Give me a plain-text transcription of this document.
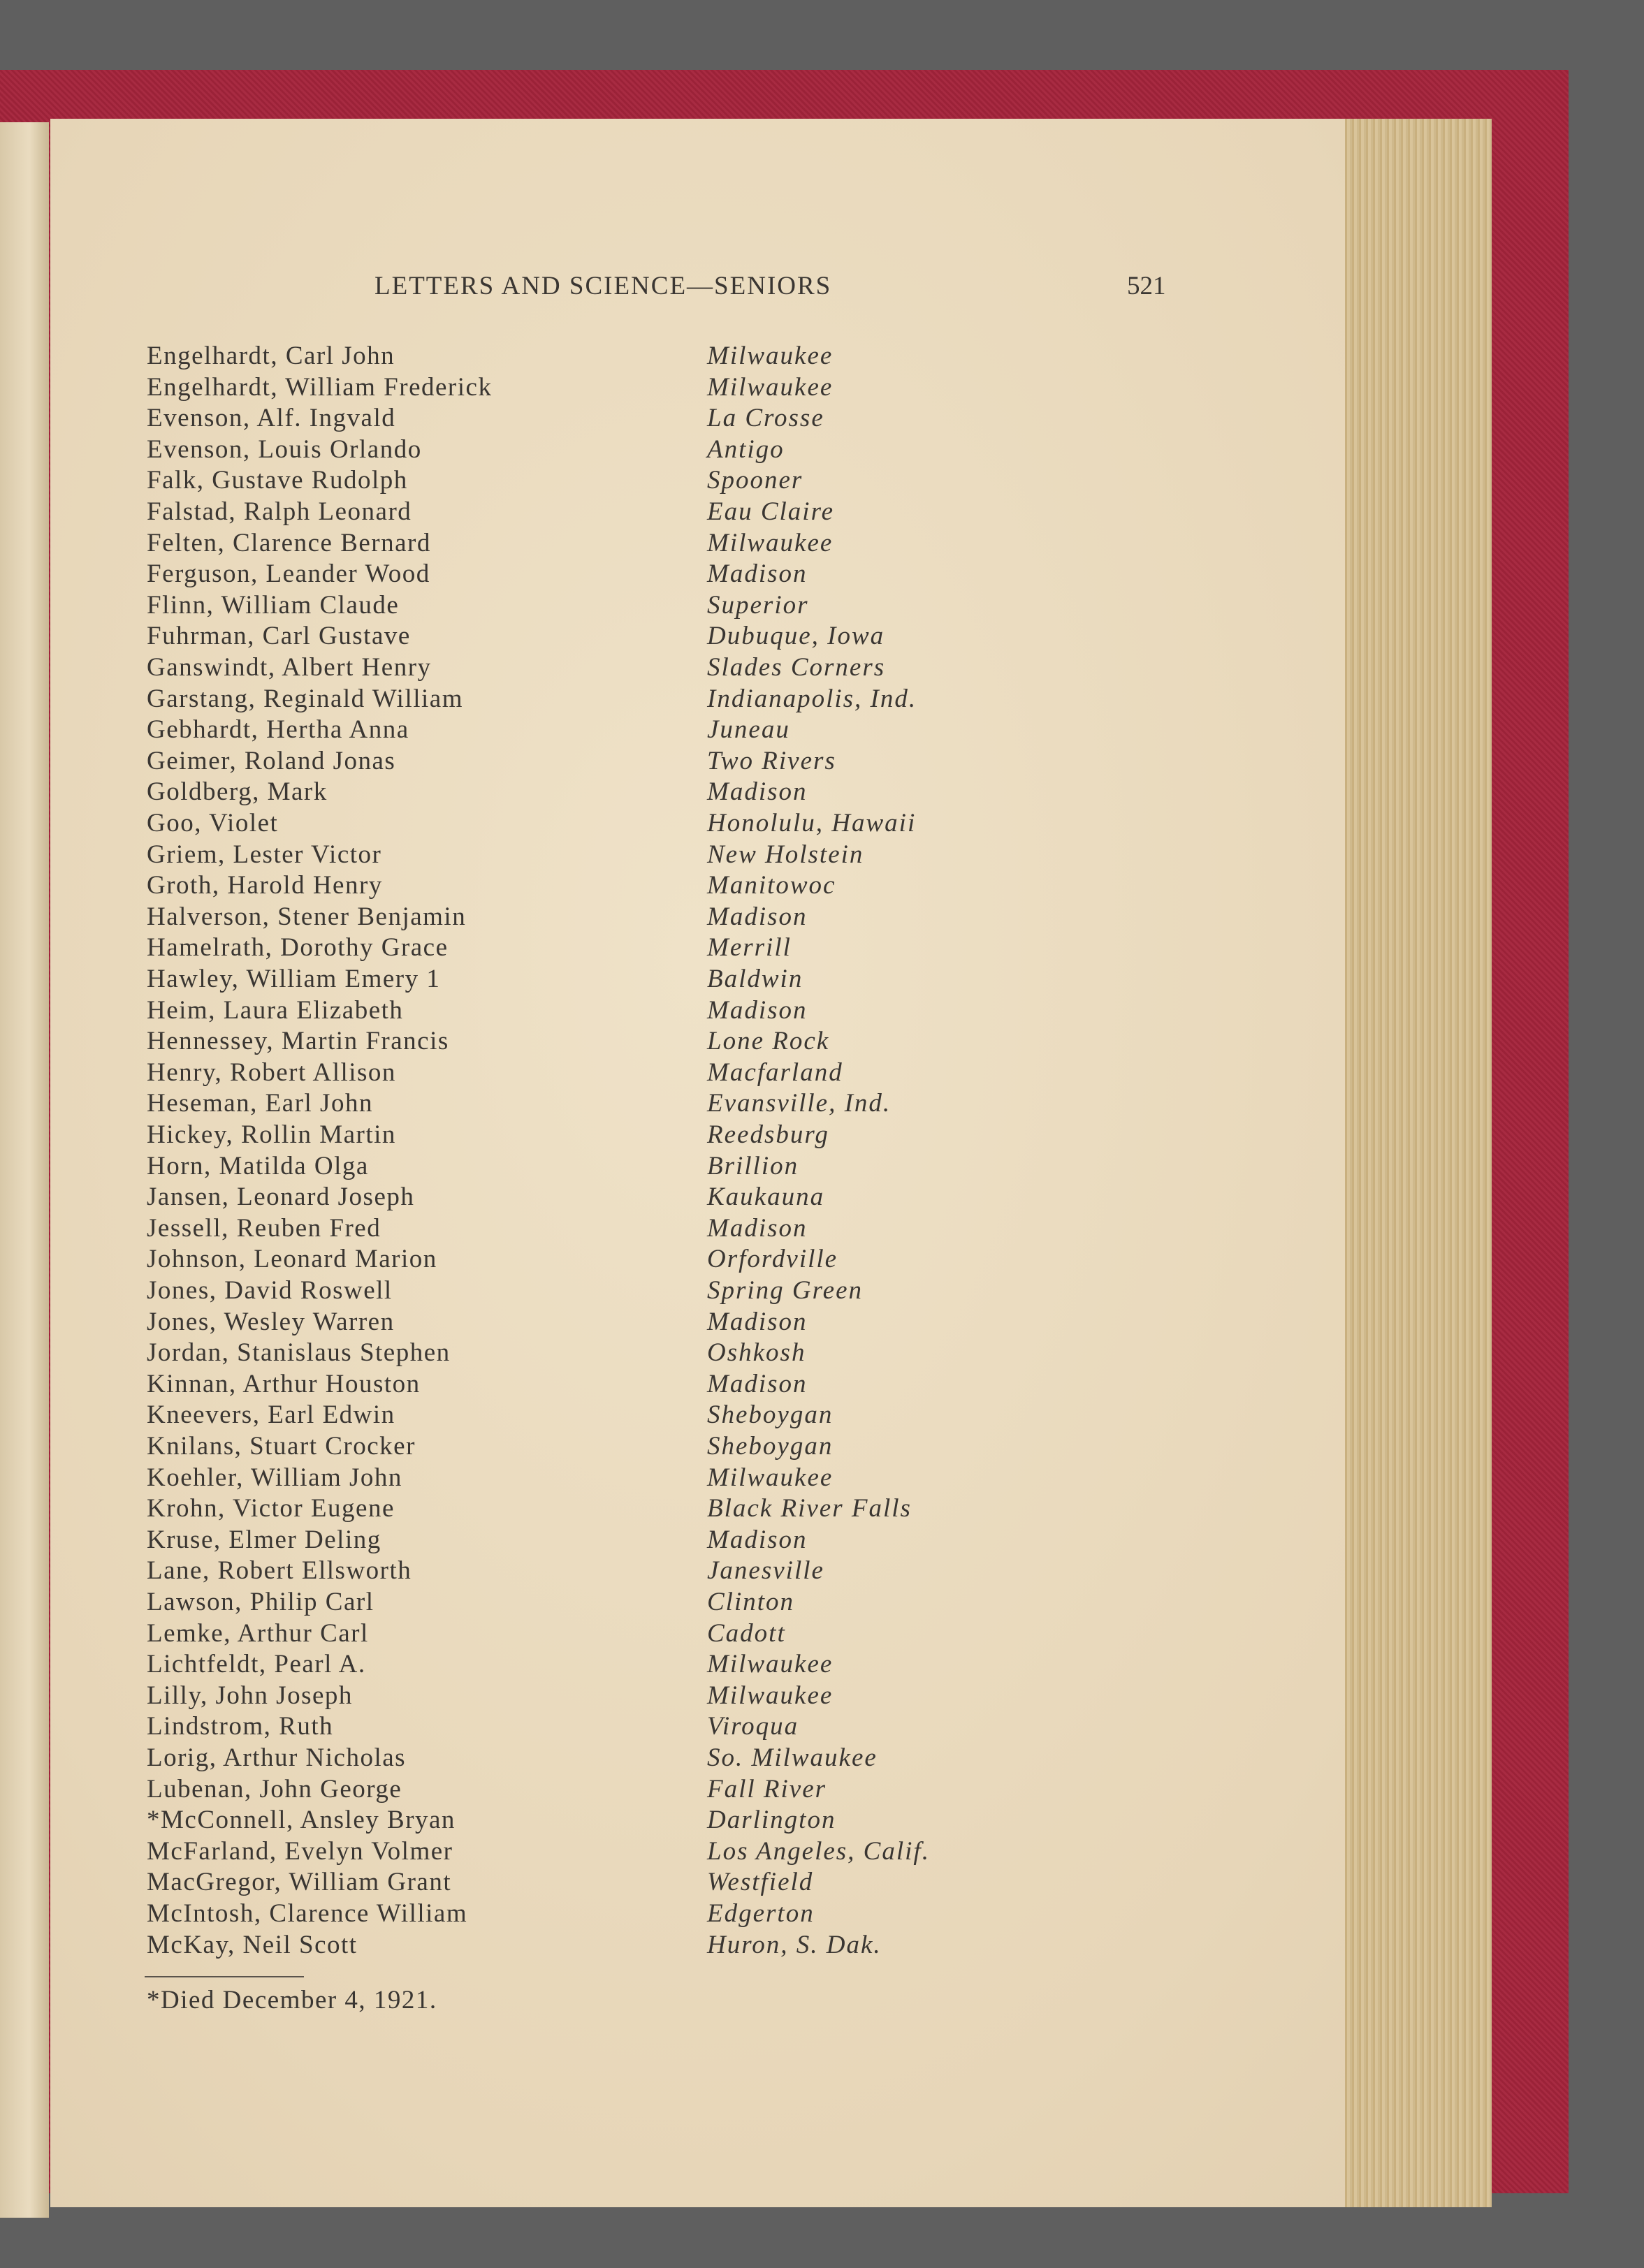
LETTERS AND SCIENCE—SENIORS	521
Engelhardt, Carl John	Milwaukee
Engelhardt, William Frederick	Milwaukee
Evenson, Alf. Ingvald	La Crosse
Evenson, Louis Orlando	Antigo
Falk, Gustave Rudolph	Spooner
Falstad, Ralph Leonard	Eau Claire
Felten, Clarence Bernard	Milwaukee
Ferguson, Leander Wood	Madison
Flinn, William Claude	Superior
Fuhrman, Carl Gustave	Dubuque, Iowa
Ganswindt, Albert Henry	Slades Corners
Garstang, Reginald William	Indianapolis, Ind.
Gebhardt, Hertha Anna	Juneau
Geimer, Roland Jonas	Two Rivers
Goldberg, Mark	Madison
Goo, Violet	Honolulu, Hawaii
Griem, Lester Victor	New Holstein
Groth, Harold Henry	Manitowoc
Halverson, Stener Benjamin	Madison
Hamelrath, Dorothy Grace	Merrill
Hawley, William Emery 1	Baldwin
Heim, Laura Elizabeth	Madison
Hennessey, Martin Francis	Lone Rock
Henry, Robert Allison	Macfarland
Heseman, Earl John	Evansville, Ind.
Hickey, Rollin Martin	Reedsburg
Horn, Matilda Olga	Brillion
Jansen, Leonard Joseph	Kaukauna
Jessell, Reuben Fred	Madison
Johnson, Leonard Marion	Orfordville
Jones, David Roswell	Spring Green
Jones, Wesley Warren	Madison
Jordan, Stanislaus Stephen	Oshkosh
Kinnan, Arthur Houston	Madison
Kneevers, Earl Edwin	Sheboygan
Knilans, Stuart Crocker	Sheboygan
Koehler, William John	Milwaukee
Krohn, Victor Eugene	Black River Falls
Kruse, Elmer Deling	Madison
Lane, Robert Ellsworth	Janesville
Lawson, Philip Carl	Clinton
Lemke, Arthur Carl	Cadott
Lichtfeldt, Pearl A.	Milwaukee
Lilly, John Joseph	Milwaukee
Lindstrom, Ruth	Viroqua
Lorig, Arthur Nicholas	So. Milwaukee
Lubenan, John George	Fall River
*McConnell, Ansley Bryan	Darlington
McFarland, Evelyn Volmer	Los Angeles, Calif.
MacGregor, William Grant	Westfield
McIntosh, Clarence William	Edgerton
McKay, Neil Scott	Huron, S. Dak.
*Died December 4, 1921.
